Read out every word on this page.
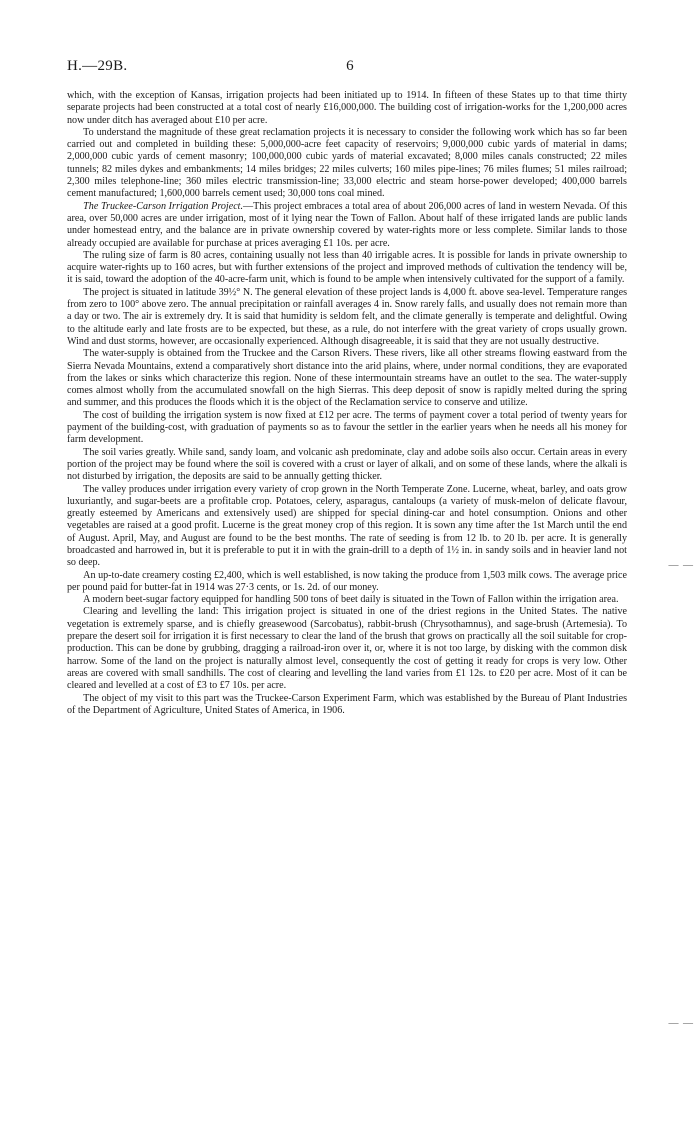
H.—29B.	6

which, with the exception of Kansas, irrigation projects had been initiated up to 1914. In fifteen of these States up to that time thirty separate projects had been constructed at a total cost of nearly £16,000,000. The building cost of irrigation-works for the 1,200,000 acres now under ditch has averaged about £10 per acre.

To understand the magnitude of these great reclamation projects it is necessary to consider the following work which has so far been carried out and completed in building these: 5,000,000-acre feet capacity of reservoirs; 9,000,000 cubic yards of material in dams; 2,000,000 cubic yards of cement masonry; 100,000,000 cubic yards of material excavated; 8,000 miles canals constructed; 22 miles tunnels; 82 miles dykes and embankments; 14 miles bridges; 22 miles culverts; 160 miles pipe-lines; 76 miles flumes; 51 miles railroad; 2,300 miles telephone-line; 360 miles electric transmission-line; 33,000 electric and steam horse-power developed; 400,000 barrels cement manufactured; 1,600,000 barrels cement used; 30,000 tons coal mined.

The Truckee-Carson Irrigation Project.—This project embraces a total area of about 206,000 acres of land in western Nevada. Of this area, over 50,000 acres are under irrigation, most of it lying near the Town of Fallon. About half of these irrigated lands are public lands under homestead entry, and the balance are in private ownership covered by water-rights more or less complete. Similar lands to those already occupied are available for purchase at prices averaging £1 10s. per acre.

The ruling size of farm is 80 acres, containing usually not less than 40 irrigable acres. It is possible for lands in private ownership to acquire water-rights up to 160 acres, but with further extensions of the project and improved methods of cultivation the tendency will be, it is said, toward the adoption of the 40-acre-farm unit, which is found to be ample when intensively cultivated for the support of a family.

The project is situated in latitude 39½° N. The general elevation of these project lands is 4,000 ft. above sea-level. Temperature ranges from zero to 100° above zero. The annual precipitation or rainfall averages 4 in. Snow rarely falls, and usually does not remain more than a day or two. The air is extremely dry. It is said that humidity is seldom felt, and the climate generally is temperate and delightful. Owing to the altitude early and late frosts are to be expected, but these, as a rule, do not interfere with the great variety of crops usually grown. Wind and dust storms, however, are occasionally experienced. Although disagreeable, it is said that they are not usually destructive.

The water-supply is obtained from the Truckee and the Carson Rivers. These rivers, like all other streams flowing eastward from the Sierra Nevada Mountains, extend a comparatively short distance into the arid plains, where, under normal conditions, they are evaporated from the lakes or sinks which characterize this region. None of these intermountain streams have an outlet to the sea. The water-supply comes almost wholly from the accumulated snowfall on the high Sierras. This deep deposit of snow is rapidly melted during the spring and summer, and this produces the floods which it is the object of the Reclamation service to conserve and utilize.

The cost of building the irrigation system is now fixed at £12 per acre. The terms of payment cover a total period of twenty years for payment of the building-cost, with graduation of payments so as to favour the settler in the earlier years when he needs all his money for farm development.

The soil varies greatly. While sand, sandy loam, and volcanic ash predominate, clay and adobe soils also occur. Certain areas in every portion of the project may be found where the soil is covered with a crust or layer of alkali, and on some of these lands, where the alkali is not disturbed by irrigation, the deposits are said to be annually getting thicker.

The valley produces under irrigation every variety of crop grown in the North Temperate Zone. Lucerne, wheat, barley, and oats grow luxuriantly, and sugar-beets are a profitable crop. Potatoes, celery, asparagus, cantaloups (a variety of musk-melon of delicate flavour, greatly esteemed by Americans and extensively used) are shipped for special dining-car and hotel consumption. Onions and other vegetables are raised at a good profit. Lucerne is the great money crop of this region. It is sown any time after the 1st March until the end of August. April, May, and August are found to be the best months. The rate of seeding is from 12 lb. to 20 lb. per acre. It is generally broadcasted and harrowed in, but it is preferable to put it in with the grain-drill to a depth of 1½ in. in sandy soils and in heavier land not so deep.

An up-to-date creamery costing £2,400, which is well established, is now taking the produce from 1,503 milk cows. The average price per pound paid for butter-fat in 1914 was 27·3 cents, or 1s. 2d. of our money.

A modern beet-sugar factory equipped for handling 500 tons of beet daily is situated in the Town of Fallon within the irrigation area.

Clearing and levelling the land: This irrigation project is situated in one of the driest regions in the United States. The native vegetation is extremely sparse, and is chiefly greasewood (Sarcobatus), rabbit-brush (Chrysothamnus), and sage-brush (Artemesia). To prepare the desert soil for irrigation it is first necessary to clear the land of the brush that grows on practically all the soil suitable for crop-production. This can be done by grubbing, dragging a railroad-iron over it, or, where it is not too large, by disking with the common disk harrow. Some of the land on the project is naturally almost level, consequently the cost of getting it ready for crops is very low. Other areas are covered with small sandhills. The cost of clearing and levelling the land varies from £1 12s. to £20 per acre. Most of it can be cleared and levelled at a cost of £3 to £7 10s. per acre.

The object of my visit to this part was the Truckee-Carson Experiment Farm, which was established by the Bureau of Plant Industries of the Department of Agriculture, United States of America, in 1906.

— —
— —
